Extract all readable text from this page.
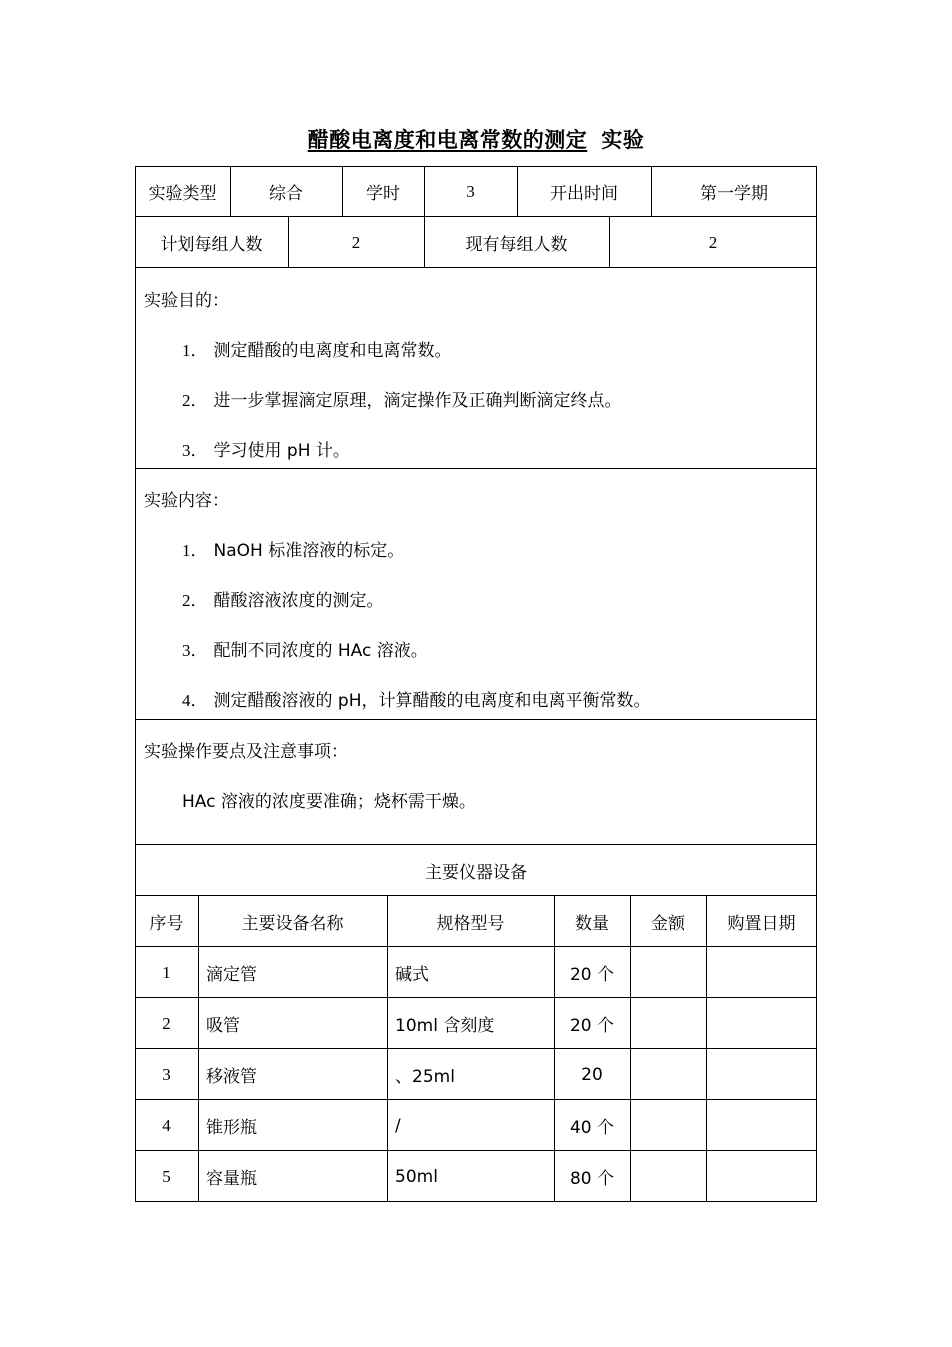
醋酸电离度和电离常数的测定 实验
实验类型	综合	学时	3	开出时间	第一学期
计划每组人数	2	现有每组人数	2
实验目的：
1． 测定醋酸的电离度和电离常数。
2． 进一步掌握滴定原理，滴定操作及正确判断滴定终点。
3． 学习使用 pH 计。
实验内容：
1． NaOH 标准溶液的标定。
2． 醋酸溶液浓度的测定。
3． 配制不同浓度的 HAc 溶液。
4． 测定醋酸溶液的 pH，计算醋酸的电离度和电离平衡常数。
实验操作要点及注意事项：
HAc 溶液的浓度要准确；烧杯需干燥。
主要仪器设备
序号	主要设备名称	规格型号	数量	金额	购置日期
1	滴定管	碱式	20 个
2	吸管	10ml 含刻度	20 个
3	移液管	、25ml	20
4	锥形瓶	/	40 个
5	容量瓶	50ml	80 个
